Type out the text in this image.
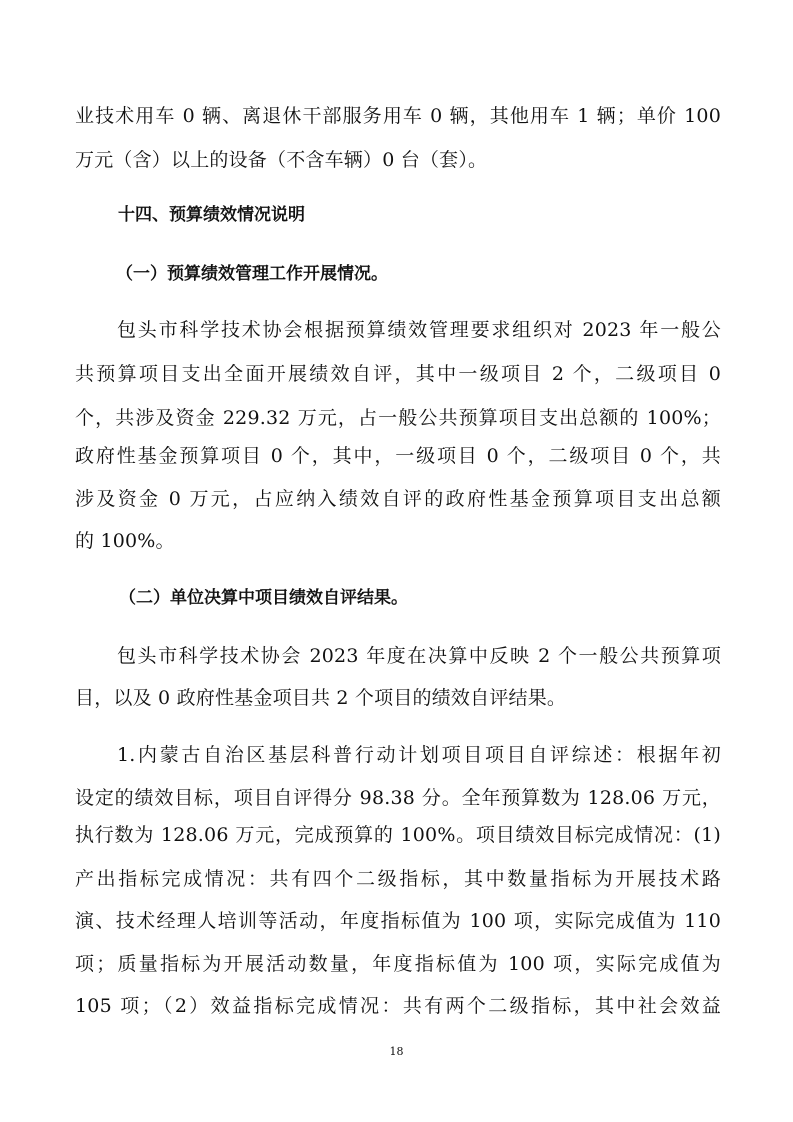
业技术用车 0 辆、离退休干部服务用车 0 辆，其他用车 1 辆；单价 100
万元（含）以上的设备（不含车辆）0 台（套）。
十四、预算绩效情况说明
（一）预算绩效管理工作开展情况。
包头市科学技术协会根据预算绩效管理要求组织对 2023 年一般公
共预算项目支出全面开展绩效自评，其中一级项目 2 个，二级项目 0
个，共涉及资金 229.32 万元，占一般公共预算项目支出总额的 100%；
政府性基金预算项目 0 个，其中，一级项目 0 个，二级项目 0 个，共
涉及资金 0 万元，占应纳入绩效自评的政府性基金预算项目支出总额
的 100%。
（二）单位决算中项目绩效自评结果。
包头市科学技术协会 2023 年度在决算中反映 2 个一般公共预算项
目，以及 0 政府性基金项目共 2 个项目的绩效自评结果。
1.内蒙古自治区基层科普行动计划项目项目自评综述：根据年初
设定的绩效目标，项目自评得分 98.38 分。全年预算数为 128.06 万元，
执行数为 128.06 万元，完成预算的 100%。项目绩效目标完成情况：(1)
产出指标完成情况：共有四个二级指标，其中数量指标为开展技术路
演、技术经理人培训等活动，年度指标值为 100 项，实际完成值为 110
项；质量指标为开展活动数量，年度指标值为 100 项，实际完成值为
105 项；（2）效益指标完成情况：共有两个二级指标，其中社会效益
18
